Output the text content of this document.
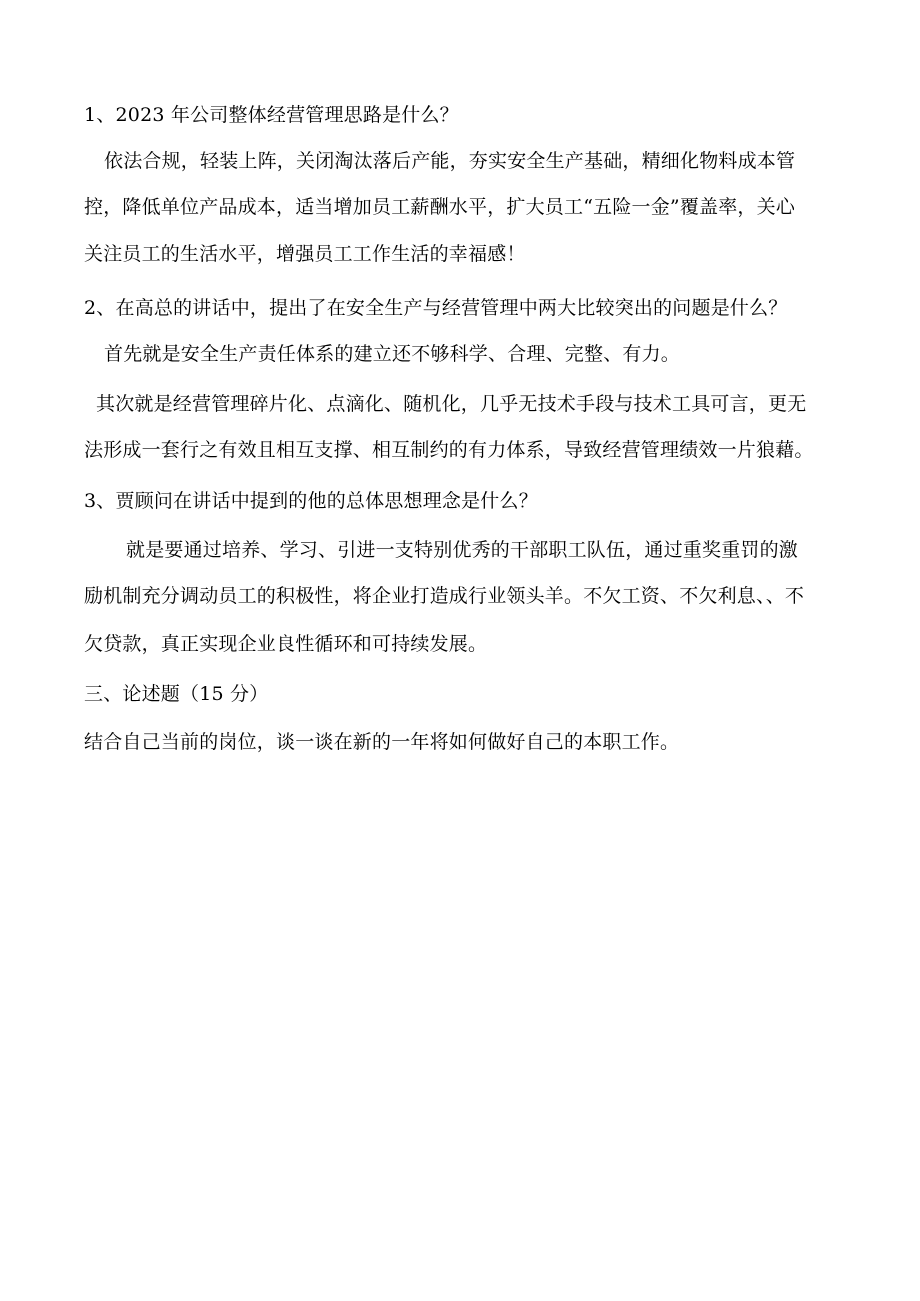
1、2023 年公司整体经营管理思路是什么？
依法合规，轻装上阵，关闭淘汰落后产能，夯实安全生产基础，精细化物料成本管
控，降低单位产品成本，适当增加员工薪酬水平，扩大员工“五险一金”覆盖率，关心
关注员工的生活水平，增强员工工作生活的幸福感！
2、在高总的讲话中，提出了在安全生产与经营管理中两大比较突出的问题是什么？
首先就是安全生产责任体系的建立还不够科学、合理、完整、有力。
其次就是经营管理碎片化、点滴化、随机化，几乎无技术手段与技术工具可言，更无
法形成一套行之有效且相互支撑、相互制约的有力体系，导致经营管理绩效一片狼藉。
3、贾顾问在讲话中提到的他的总体思想理念是什么？
就是要通过培养、学习、引进一支特别优秀的干部职工队伍，通过重奖重罚的激
励机制充分调动员工的积极性，将企业打造成行业领头羊。不欠工资、不欠利息、、不
欠贷款，真正实现企业良性循环和可持续发展。
三、论述题（15 分）
结合自己当前的岗位，谈一谈在新的一年将如何做好自己的本职工作。
